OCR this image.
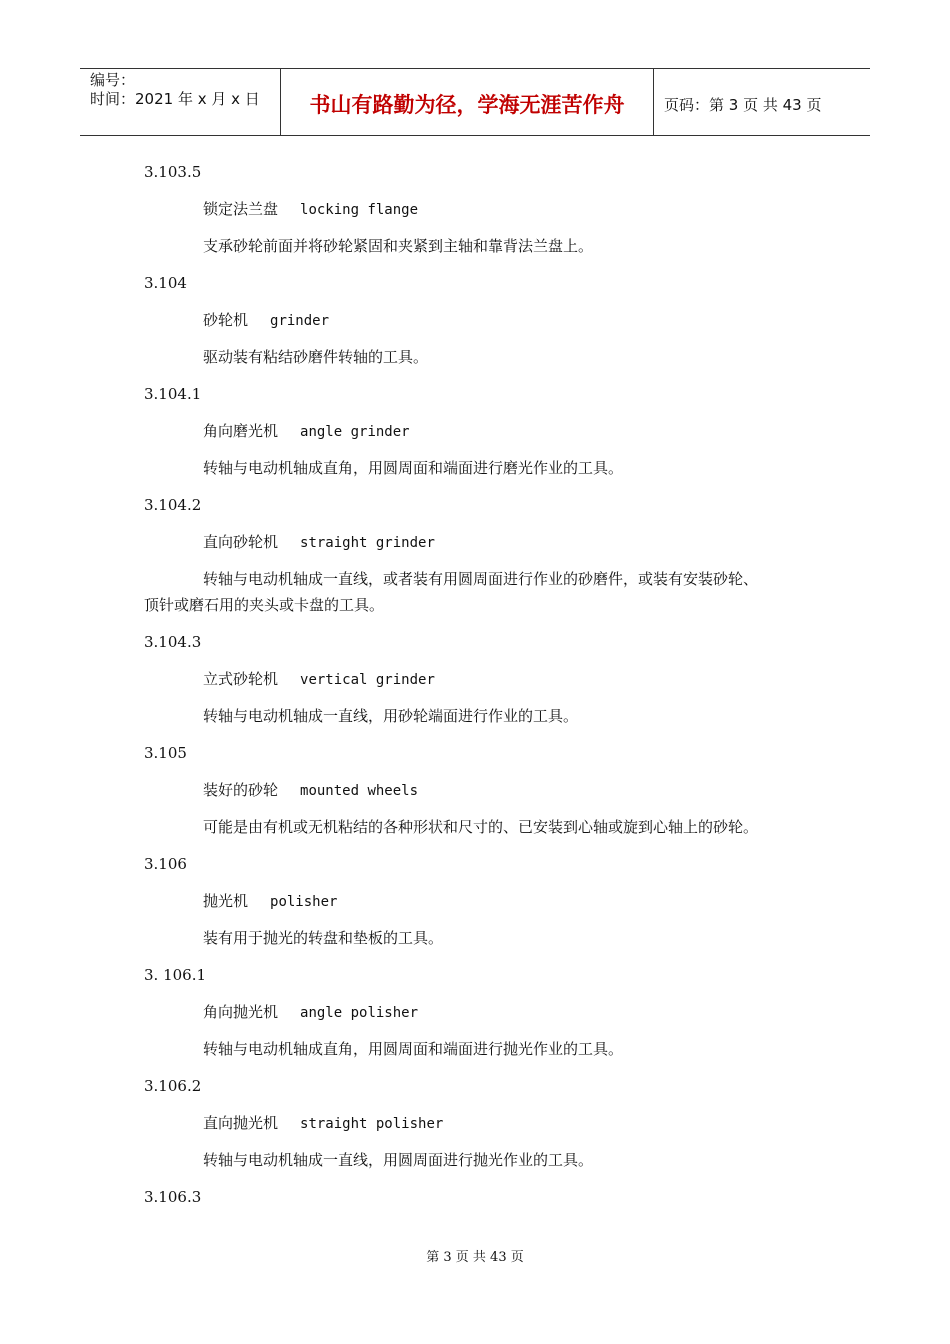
编号：
时间：2021 年 x 月 x 日	书山有路勤为径，学海无涯苦作舟	页码：第 3 页 共 43 页
3.103.5
锁定法兰盘 locking flange
支承砂轮前面并将砂轮紧固和夹紧到主轴和靠背法兰盘上。
3.104
砂轮机 grinder
驱动装有粘结砂磨件转轴的工具。
3.104.1
角向磨光机 angle grinder
转轴与电动机轴成直角，用圆周面和端面进行磨光作业的工具。
3.104.2
直向砂轮机 straight grinder
转轴与电动机轴成一直线，或者装有用圆周面进行作业的砂磨件，或装有安装砂轮、
顶针或磨石用的夹头或卡盘的工具。
3.104.3
立式砂轮机 vertical grinder
转轴与电动机轴成一直线，用砂轮端面进行作业的工具。
3.105
装好的砂轮 mounted wheels
可能是由有机或无机粘结的各种形状和尺寸的、已安装到心轴或旋到心轴上的砂轮。
3.106
抛光机 polisher
装有用于抛光的转盘和垫板的工具。
3. 106.1
角向抛光机 angle polisher
转轴与电动机轴成直角，用圆周面和端面进行抛光作业的工具。
3.106.2
直向抛光机 straight polisher
转轴与电动机轴成一直线，用圆周面进行抛光作业的工具。
3.106.3
第 3 页 共 43 页
